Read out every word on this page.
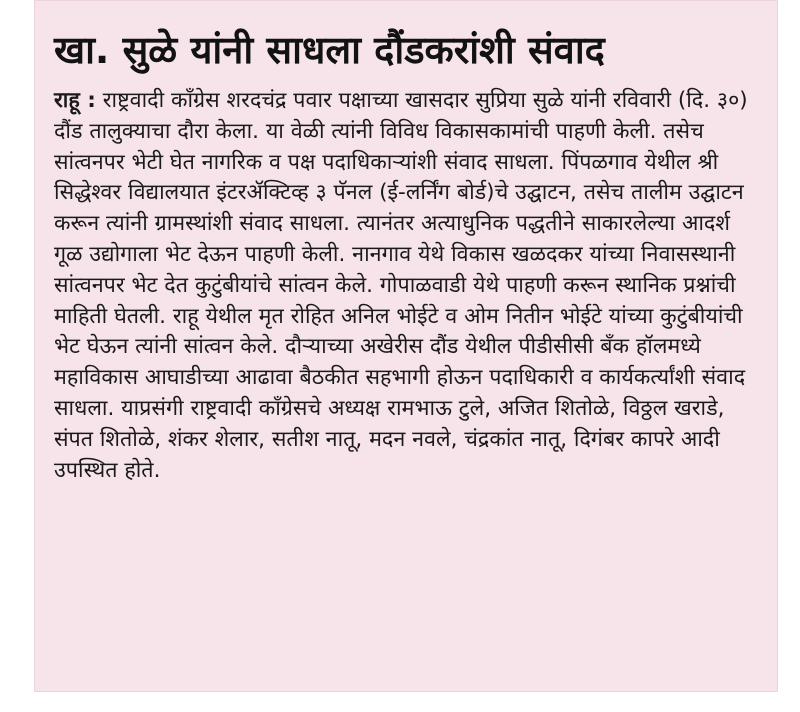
खा. सुळे यांनी साधला दौंडकरांशी संवाद

राहू : राष्ट्रवादी काँग्रेस शरदचंद्र पवार पक्षाच्या खासदार सुप्रिया सुळे यांनी रविवारी (दि. ३०) दौंड तालुक्याचा दौरा केला. या वेळी त्यांनी विविध विकासकामांची पाहणी केली. तसेच सांत्वनपर भेटी घेत नागरिक व पक्ष पदाधिकाऱ्यांशी संवाद साधला. पिंपळगाव येथील श्री सिद्धेश्वर विद्यालयात इंटरॲक्टिव्ह ३ पॅनल (ई-लर्निंग बोर्ड)चे उद्घाटन, तसेच तालीम उद्घाटन करून त्यांनी ग्रामस्थांशी संवाद साधला. त्यानंतर अत्याधुनिक पद्धतीने साकारलेल्या आदर्श गूळ उद्योगाला भेट देऊन पाहणी केली. नानगाव येथे विकास खळदकर यांच्या निवासस्थानी सांत्वनपर भेट देत कुटुंबीयांचे सांत्वन केले. गोपाळवाडी येथे पाहणी करून स्थानिक प्रश्नांची माहिती घेतली. राहू येथील मृत रोहित अनिल भोईटे व ओम नितीन भोईटे यांच्या कुटुंबीयांची भेट घेऊन त्यांनी सांत्वन केले. दौऱ्याच्या अखेरीस दौंड येथील पीडीसीसी बँक हॉलमध्ये महाविकास आघाडीच्या आढावा बैठकीत सहभागी होऊन पदाधिकारी व कार्यकर्त्यांशी संवाद साधला. याप्रसंगी राष्ट्रवादी काँग्रेसचे अध्यक्ष रामभाऊ टुले, अजित शितोळे, विठ्ठल खराडे, संपत शितोळे, शंकर शेलार, सतीश नातू, मदन नवले, चंद्रकांत नातू, दिगंबर कापरे आदी उपस्थित होते.
